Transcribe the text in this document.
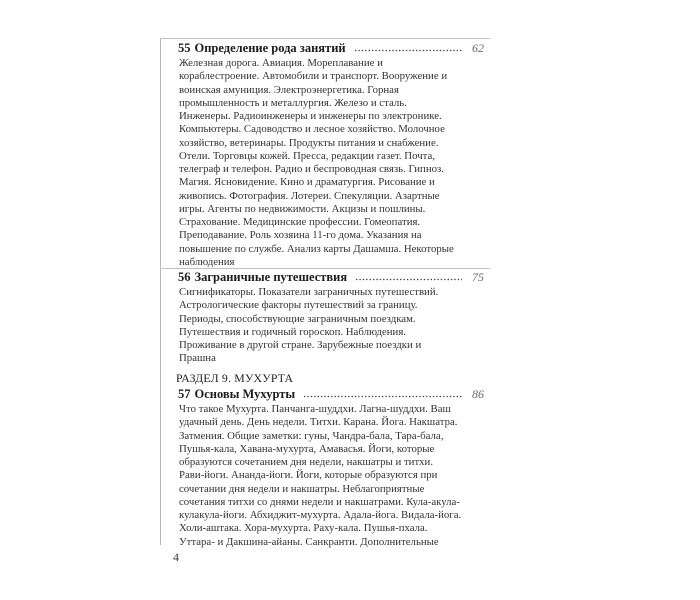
55 Определение рода занятий	62
Железная дорога. Авиация. Мореплавание и
кораблестроение. Автомобили и транспорт. Вооружение и
воинская амуниция. Электроэнергетика. Горная
промышленность и металлургия. Железо и сталь.
Инженеры. Радиоинженеры и инженеры по электронике.
Компьютеры. Садоводство и лесное хозяйство. Молочное
хозяйство, ветеринары. Продукты питания и снабжение.
Отели. Торговцы кожей. Пресса, редакции газет. Почта,
телеграф и телефон. Радио и беспроводная связь. Гипноз.
Магия. Ясновидение. Кино и драматургия. Рисование и
живопись. Фотография. Лотереи. Спекуляции. Азартные
игры. Агенты по недвижимости. Акцизы и пошлины.
Страхование. Медицинские профессии. Гомеопатия.
Преподавание. Роль хозяина 11-го дома. Указания на
повышение по службе. Анализ карты Дашамша. Некоторые
наблюдения
56 Заграничные путешествия	75
Сигнификаторы. Показатели заграничных путешествий.
Астрологические факторы путешествий за границу.
Периоды, способствующие заграничным поездкам.
Путешествия и годичный гороскоп. Наблюдения.
Проживание в другой стране. Зарубежные поездки и
Прашна
РАЗДЕЛ 9. МУХУРТА
57 Основы Мухурты	86
Что такое Мухурта. Панчанга-шуддхи. Лагна-шуддхи. Ваш
удачный день. День недели. Титхи. Карана. Йога. Накшатра.
Затмения. Общие заметки: гуны, Чандра-бала, Тара-бала,
Пушья-кала, Хавана-мухурта, Амавасья. Йоги, которые
образуются сочетанием дня недели, накшатры и титхи.
Рави-йоги. Ананда-йоги. Йоги, которые образуются при
сочетании дня недели и накшатры. Неблагоприятные
сочетания титхи со днями недели и накшатрами. Кула-акула-
кулакула-йоги. Абхиджит-мухурта. Адала-йога. Видала-йога.
Холи-аштака. Хора-мухурта. Раху-кала. Пушья-пхала.
Уттара- и Дакшина-айаны. Санкранти. Дополнительные
4
